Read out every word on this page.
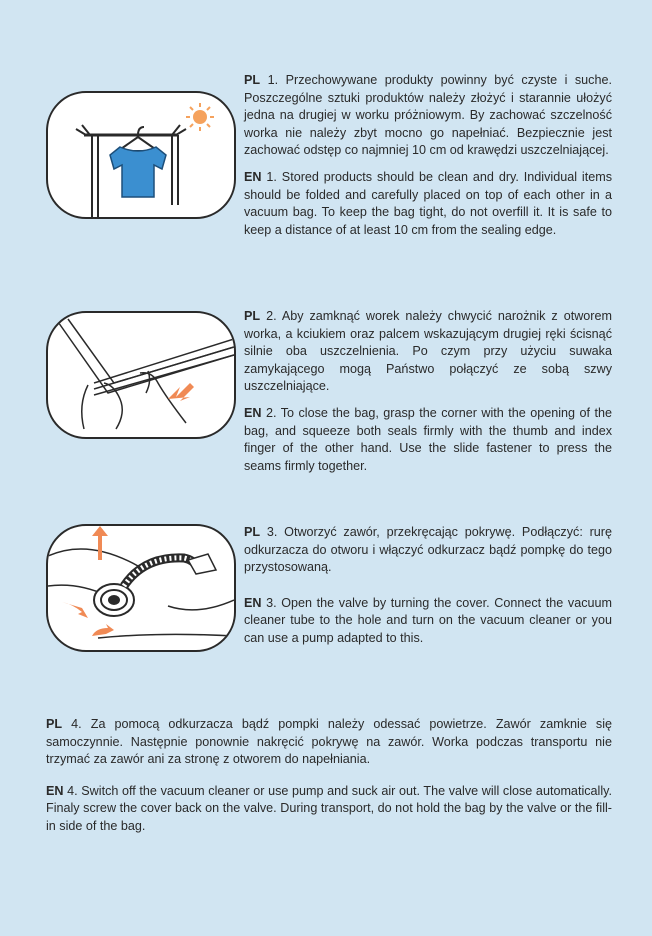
PL 1. Przechowywane produkty powinny być czyste i suche. Poszczególne sztuki produktów należy złożyć i starannie ułożyć jedna na drugiej w worku próżniowym. By zachować szczelność worka nie należy zbyt mocno go napełniać. Bezpiecznie jest zachować odstęp co najmniej 10 cm od krawędzi uszczelniającej.

EN 1. Stored products should be clean and dry. Individual items should be folded and carefully placed on top of each other in a vacuum bag. To keep the bag tight, do not overfill it. It is safe to keep a distance of at least 10 cm from the sealing edge.

PL 2. Aby zamknąć worek należy chwycić narożnik z otworem worka, a kciukiem oraz palcem wskazującym drugiej ręki ścisnąć silnie oba uszczelnienia. Po czym przy użyciu suwaka zamykającego mogą Państwo połączyć ze sobą szwy uszczelniające.

EN 2. To close the bag, grasp the corner with the opening of the bag, and squeeze both seals firmly with the thumb and index finger of the other hand. Use the slide fastener to press the seams firmly together.

PL 3. Otworzyć zawór, przekręcając pokrywę. Podłączyć: rurę odkurzacza do otworu i włączyć odkurzacz bądź pompkę do tego przystosowaną.

EN 3. Open the valve by turning the cover. Connect the vacuum cleaner tube to the hole and turn on the vacuum cleaner or you can use a pump adapted to this.

PL 4. Za pomocą odkurzacza bądź pompki należy odessać powietrze. Zawór zamknie się samoczynnie. Następnie ponownie nakręcić pokrywę na zawór. Worka podczas transportu nie trzymać za zawór ani za stronę z otworem do napełniania.

EN 4. Switch off the vacuum cleaner or use pump and suck air out. The valve will close automatically. Finaly screw the cover back on the valve. During transport, do not hold the bag by the valve or the fill-in side of the bag.
